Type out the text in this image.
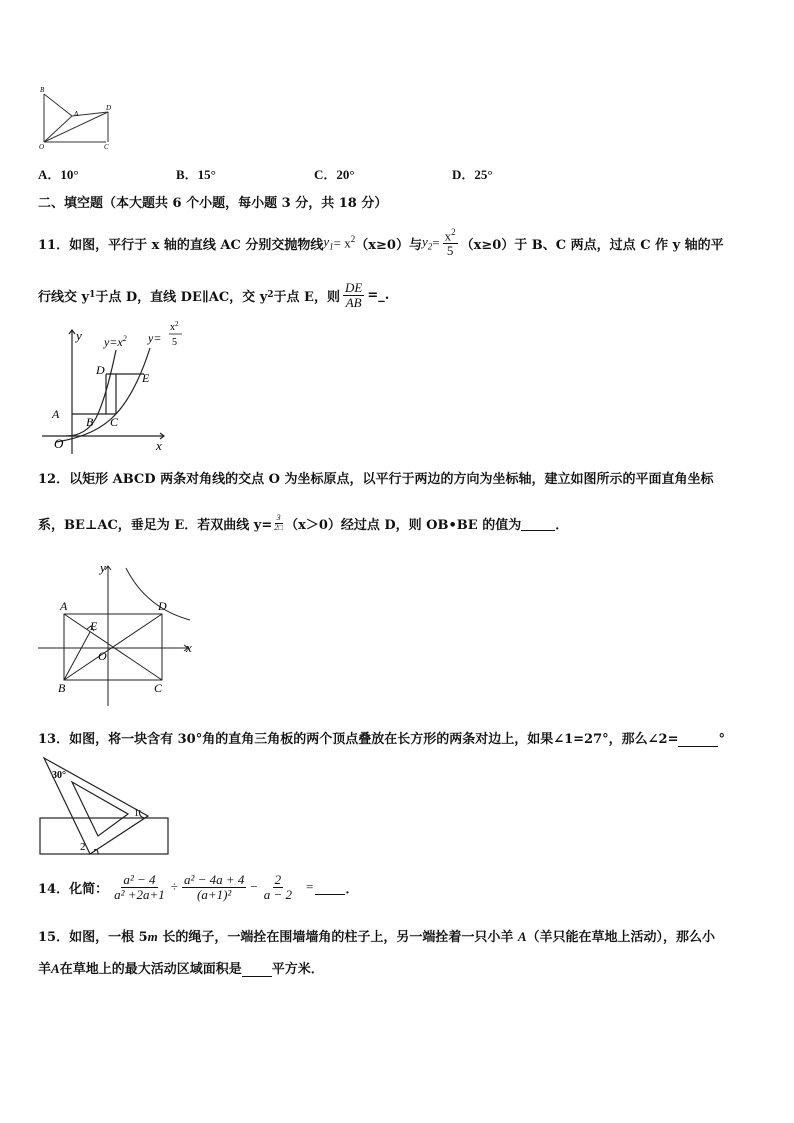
B
A
D
O	C
A．10°	B．15°	C．20°	D．25°
二、填空题（本大题共 6 个小题，每小题 3 分，共 18 分）
11．如图，平行于 x 轴的直线 AC 分别交抛物线 $y_1 = x^2$ （x≥0）与 $y_2 = \frac{x^2}{5} (x\ge 0)$于 B、C 两点，过点 C 作 y 轴的平
行线交 y 1 于点 D，直线 DE∥AC，交 y 2 于点 E，则 $\frac{DE}{AB}$ =_.
y
x
O
$y=x^2$ y=
$x^2$
5
A
B C
D
E
12．以矩形 ABCD 两条对角线的交点 O 为坐标原点，以平行于两边的方向为坐标轴，建立如图所示的平面直角坐标
系，BE⊥AC，垂足为 E．若双曲线 $y= \frac{3}{2□} (x>0)$经过点 D，则 OB•BE 的值为	．
y
x
A	D
E
O
B	C
13．如图，将一块含有 30°角的直角三角板的两个顶点叠放在长方形的两条对边上，如果∠1=27°，那么∠2=	°
30°
1
2
14．化简： $\frac{\text{a² − 4}}{\text{a² +2a+1}} \div \frac{\text{a² − 4a + 4}}{\text{(a+1)²}} - \frac{2}{a - 2}$ = ．
15．如图，一根 5m 长的绳子，一端拴在围墙墙角的柱子上，另一端拴着一只小羊 A（羊只能在草地上活动），那么小
羊 A 在草地上的最大活动区域面积是 平方米．
